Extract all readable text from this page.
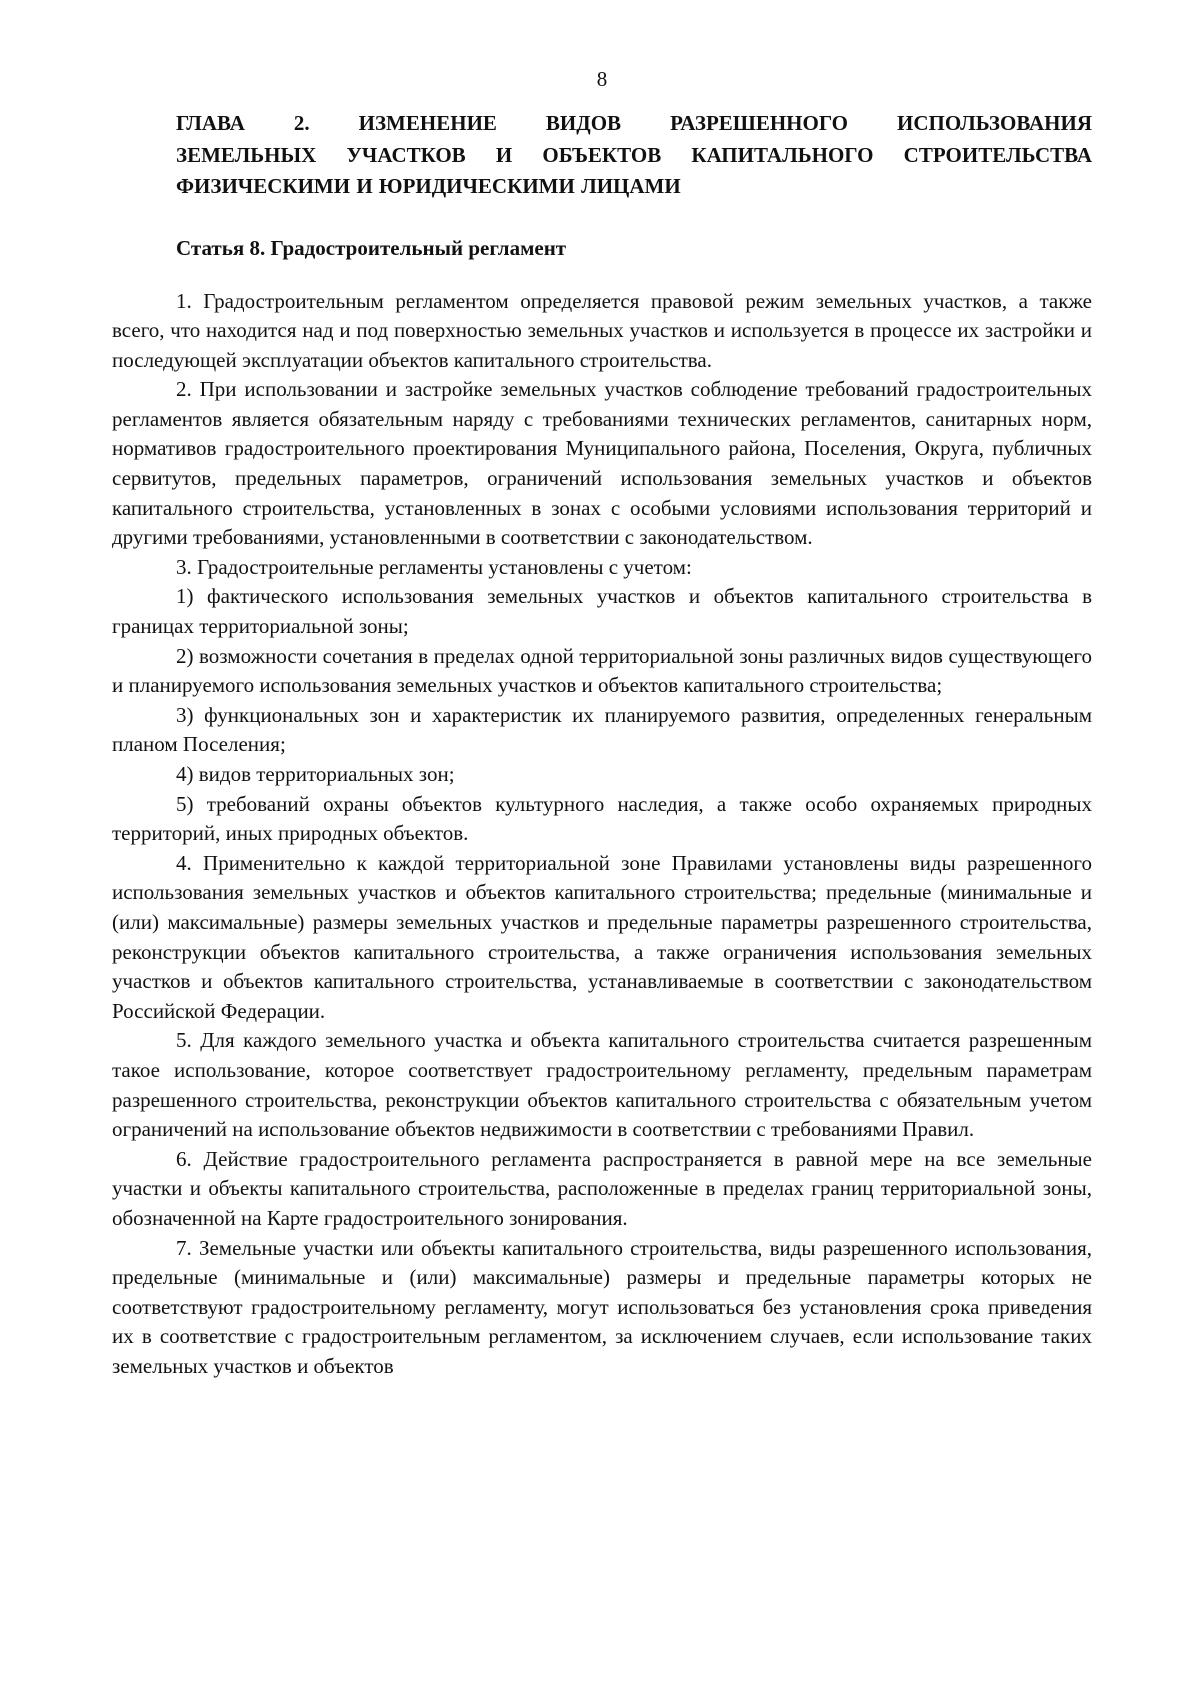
8
ГЛАВА 2. ИЗМЕНЕНИЕ ВИДОВ РАЗРЕШЕННОГО ИСПОЛЬЗОВАНИЯ
ЗЕМЕЛЬНЫХ УЧАСТКОВ И ОБЪЕКТОВ КАПИТАЛЬНОГО СТРОИТЕЛЬСТВА
ФИЗИЧЕСКИМИ И ЮРИДИЧЕСКИМИ ЛИЦАМИ
Статья 8. Градостроительный регламент

1. Градостроительным регламентом определяется правовой режим земельных участков, а также всего, что находится над и под поверхностью земельных участков и используется в процессе их застройки и последующей эксплуатации объектов капитального строительства.

2. При использовании и застройке земельных участков соблюдение требований градостроительных регламентов является обязательным наряду с требованиями технических регламентов, санитарных норм, нормативов градостроительного проектирования Муниципального района, Поселения, Округа, публичных сервитутов, предельных параметров, ограничений использования земельных участков и объектов капитального строительства, установленных в зонах с особыми условиями использования территорий и другими требованиями, установленными в соответствии с законодательством.

3. Градостроительные регламенты установлены с учетом:

1) фактического использования земельных участков и объектов капитального строительства в границах территориальной зоны;

2) возможности сочетания в пределах одной территориальной зоны различных видов существующего и планируемого использования земельных участков и объектов капитального строительства;

3) функциональных зон и характеристик их планируемого развития, определенных генеральным планом Поселения;

4) видов территориальных зон;

5) требований охраны объектов культурного наследия, а также особо охраняемых природных территорий, иных природных объектов.

4. Применительно к каждой территориальной зоне Правилами установлены виды разрешенного использования земельных участков и объектов капитального строительства; предельные (минимальные и (или) максимальные) размеры земельных участков и предельные параметры разрешенного строительства, реконструкции объектов капитального строительства, а также ограничения использования земельных участков и объектов капитального строительства, устанавливаемые в соответствии с законодательством Российской Федерации.

5. Для каждого земельного участка и объекта капитального строительства считается разрешенным такое использование, которое соответствует градостроительному регламенту, предельным параметрам разрешенного строительства, реконструкции объектов капитального строительства с обязательным учетом ограничений на использование объектов недвижимости в соответствии с требованиями Правил.

6. Действие градостроительного регламента распространяется в равной мере на все земельные участки и объекты капитального строительства, расположенные в пределах границ территориальной зоны, обозначенной на Карте градостроительного зонирования.

7. Земельные участки или объекты капитального строительства, виды разрешенного использования, предельные (минимальные и (или) максимальные) размеры и предельные параметры которых не соответствуют градостроительному регламенту, могут использоваться без установления срока приведения их в соответствие с градостроительным регламентом, за исключением случаев, если использование таких земельных участков и объектов
